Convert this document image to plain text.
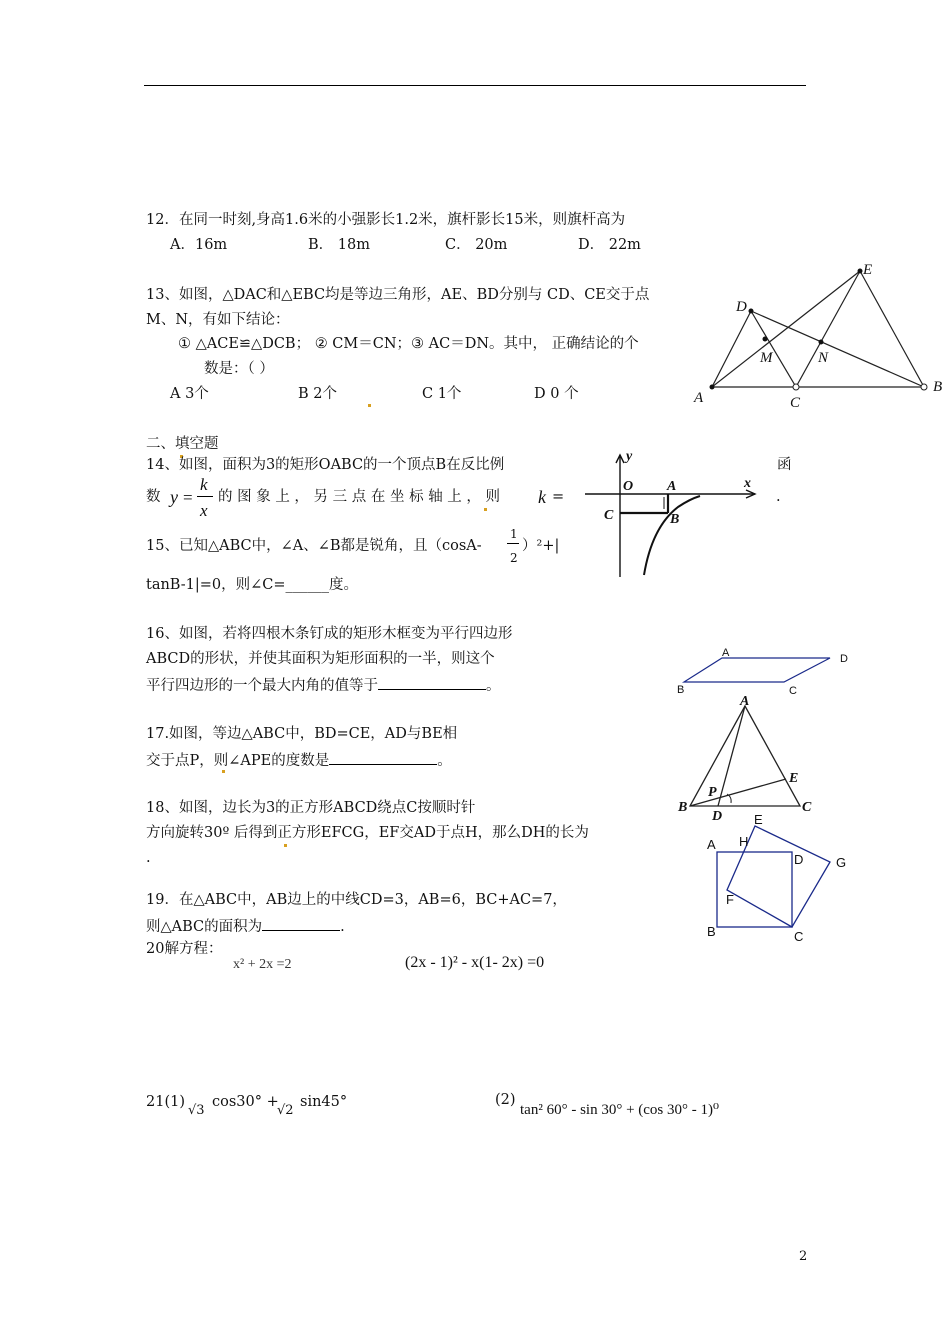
12．在同一时刻,身高1.6米的小强影长1.2米，旗杆影长15米，则旗杆高为
A．16m	B． 18m	C． 20m	D． 22m
13、如图，△DAC和△EBC均是等边三角形，AE、BD分别与 CD、CE交于点
M、N，有如下结论：
① △ACE≌△DCB； ② CM＝CN；③ AC＝DN。其中， 正确结论的个
数是：（ ）
A 3个	B 2个	C 1个	D 0 个
D
E
M	N
A	C
B
二、填空题
14、如图，面积为3的矩形OABC的一个顶点B在反比例	函
数 y =
k
x
的 图 象 上 ， 另 三 点 在 坐 标 轴 上 ， 则 k =	.
y
O A	x
C	B
15、已知△ABC中，∠A、∠B都是锐角，且（cosA-
1
2
）²+|
tanB-1|=0，则∠C=______度。
16、如图，若将四根木条钉成的矩形木框变为平行四边形
ABCD的形状，并使其面积为矩形面积的一半，则这个
平行四边形的一个最大内角的值等于	。
A	D
B	C
17.如图，等边△ABC中，BD=CE，AD与BE相
交于点P，则∠APE的度数是	。
A
E
P
B
D
C
18、如图，边长为3的正方形ABCD绕点C按顺时针
方向旋转30º 后得到正方形EFCG，EF交AD于点H，那么DH的长为
.
E
A H
D	G
F
B	C
19．在△ABC中，AB边上的中线CD=3，AB=6，BC+AC=7，
则△ABC的面积为	.
20解方程：
x² + 2x =2	(2x - 1)² - x(1- 2x) =0
21(1)
√3
cos30° +
√2
sin45°	(2)
tan² 60° - sin 30° + (cos 30° - 1)⁰
2
